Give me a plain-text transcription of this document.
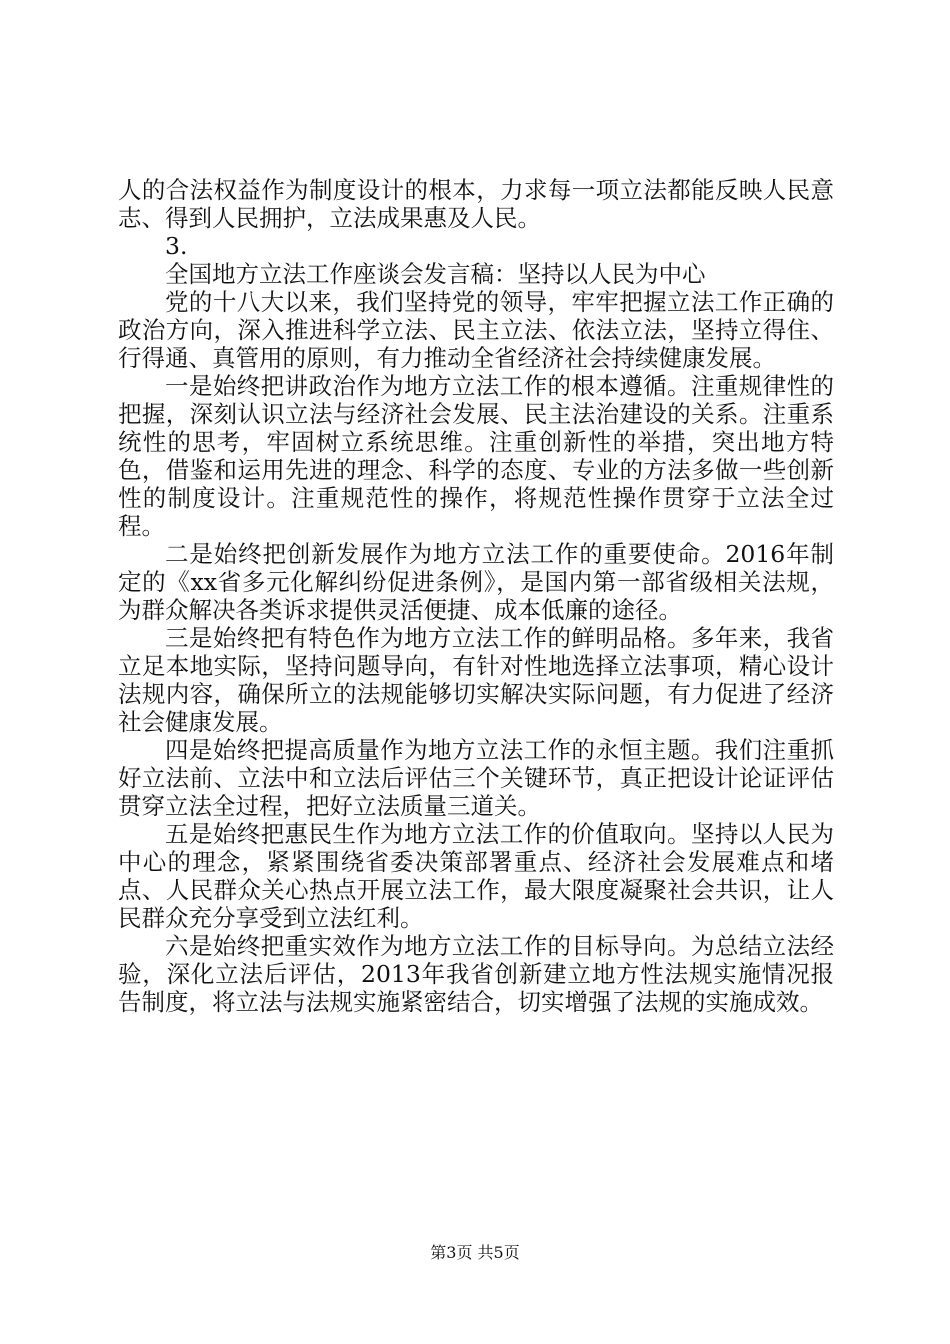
人的合法权益作为制度设计的根本，力求每一项立法都能反映人民意志、得到人民拥护，立法成果惠及人民。

3.

全国地方立法工作座谈会发言稿：坚持以人民为中心

党的十八大以来，我们坚持党的领导，牢牢把握立法工作正确的政治方向，深入推进科学立法、民主立法、依法立法，坚持立得住、行得通、真管用的原则，有力推动全省经济社会持续健康发展。

一是始终把讲政治作为地方立法工作的根本遵循。注重规律性的把握，深刻认识立法与经济社会发展、民主法治建设的关系。注重系统性的思考，牢固树立系统思维。注重创新性的举措，突出地方特色，借鉴和运用先进的理念、科学的态度、专业的方法多做一些创新性的制度设计。注重规范性的操作，将规范性操作贯穿于立法全过程。

二是始终把创新发展作为地方立法工作的重要使命。2016年制定的《xx省多元化解纠纷促进条例》，是国内第一部省级相关法规，为群众解决各类诉求提供灵活便捷、成本低廉的途径。

三是始终把有特色作为地方立法工作的鲜明品格。多年来，我省立足本地实际，坚持问题导向，有针对性地选择立法事项，精心设计法规内容，确保所立的法规能够切实解决实际问题，有力促进了经济社会健康发展。

四是始终把提高质量作为地方立法工作的永恒主题。我们注重抓好立法前、立法中和立法后评估三个关键环节，真正把设计论证评估贯穿立法全过程，把好立法质量三道关。

五是始终把惠民生作为地方立法工作的价值取向。坚持以人民为中心的理念，紧紧围绕省委决策部署重点、经济社会发展难点和堵点、人民群众关心热点开展立法工作，最大限度凝聚社会共识，让人民群众充分享受到立法红利。

六是始终把重实效作为地方立法工作的目标导向。为总结立法经验，深化立法后评估，2013年我省创新建立地方性法规实施情况报告制度，将立法与法规实施紧密结合，切实增强了法规的实施成效。

第3页 共5页
